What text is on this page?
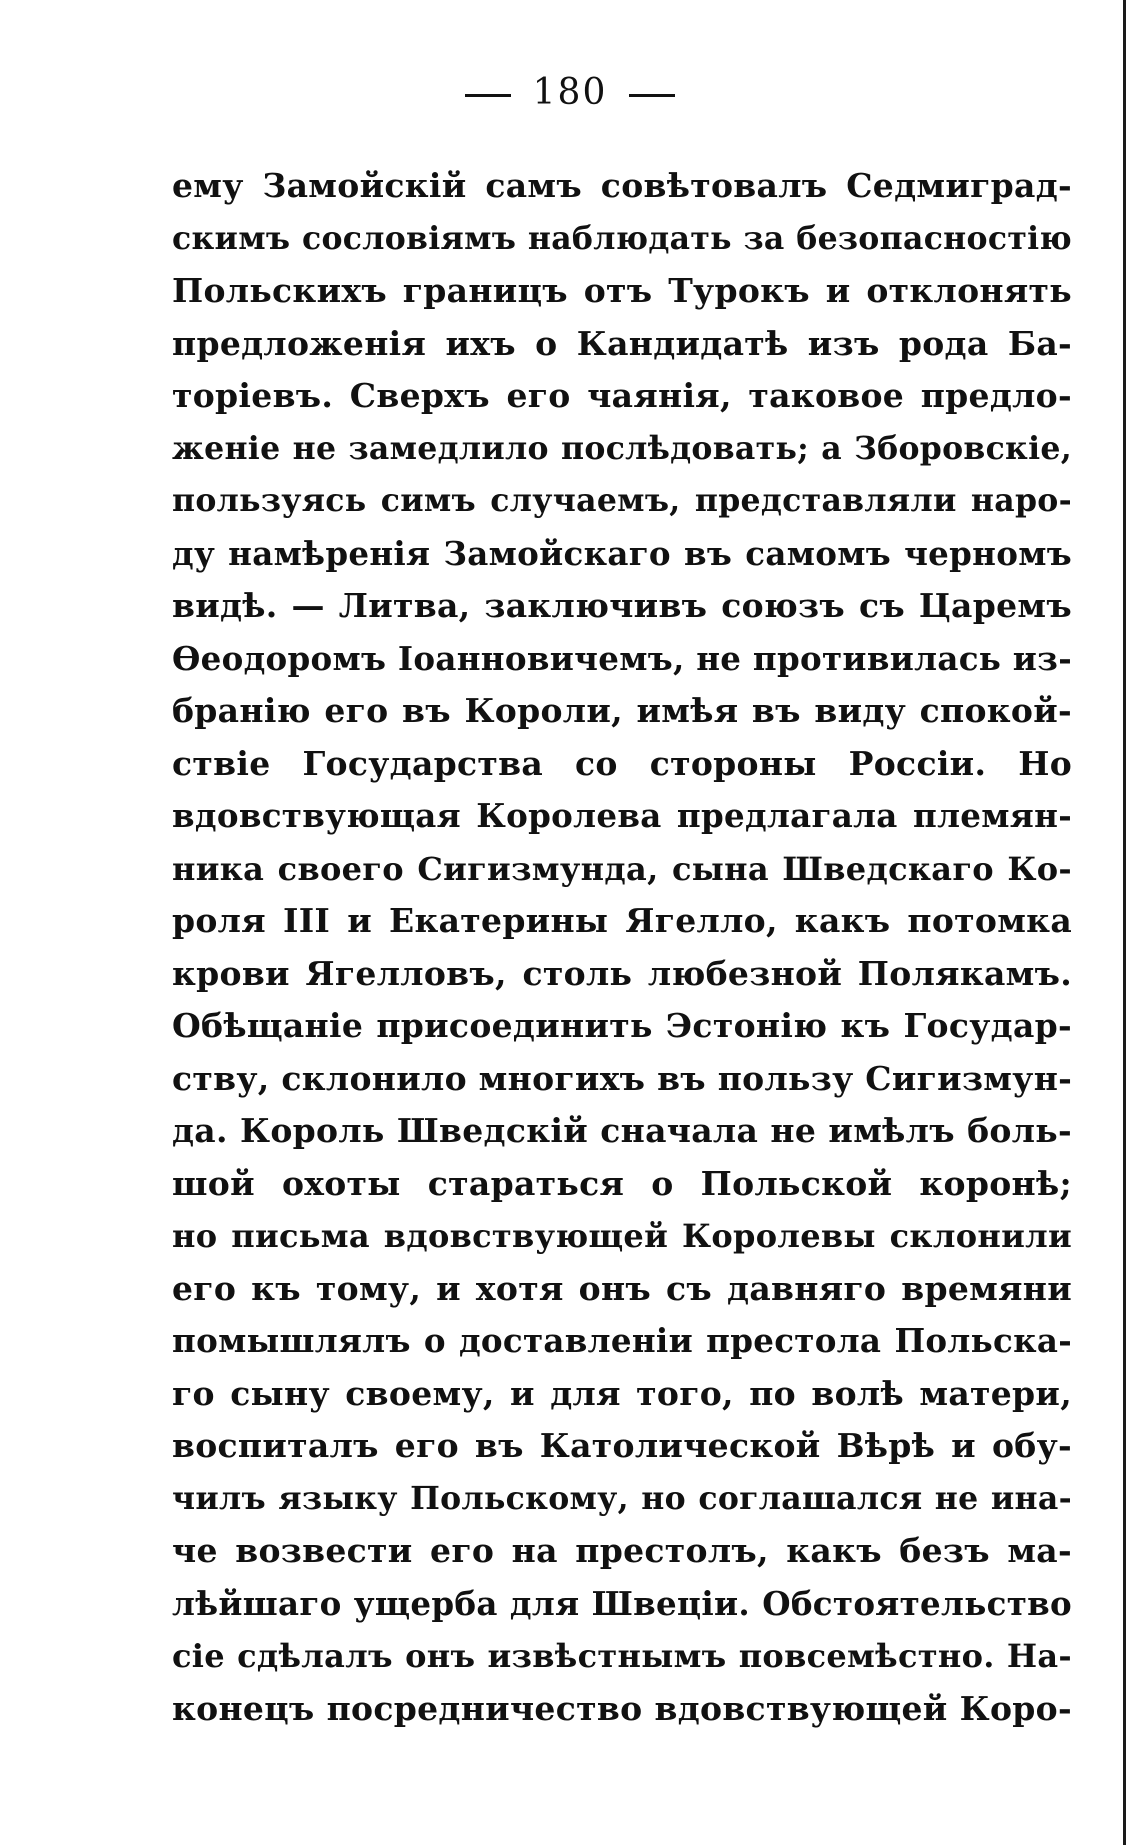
180
ему Замойскій самъ совѣтовалъ Седмиград-
скимъ сословіямъ наблюдать за безопасностію
Польскихъ границъ отъ Турокъ и отклонять
предложенія ихъ о Кандидатѣ изъ рода Ба-
торіевъ. Сверхъ его чаянія, таковое предло-
женіе не замедлило послѣдовать; а Зборовскіе,
пользуясь симъ случаемъ, представляли наро-
ду намѣренія Замойскаго въ самомъ черномъ
видѣ. — Литва, заключивъ союзъ съ Царемъ
Ѳеодоромъ Іоанновичемъ, не противилась из-
бранію его въ Короли, имѣя въ виду спокой-
ствіе Государства со стороны Россіи. Но
вдовствующая Королева предлагала племян-
ника своего Сигизмунда, сына Шведскаго Ко-
роля III и Екатерины Ягелло, какъ потомка
крови Ягелловъ, столь любезной Полякамъ.
Обѣщаніе присоединить Эстонію къ Государ-
ству, склонило многихъ въ пользу Сигизмун-
да. Король Шведскій сначала не имѣлъ боль-
шой охоты стараться о Польской коронѣ;
но письма вдовствующей Королевы склонили
его къ тому, и хотя онъ съ давняго времяни
помышлялъ о доставленіи престола Польска-
го сыну своему, и для того, по волѣ матери,
воспиталъ его въ Католической Вѣрѣ и обу-
чилъ языку Польскому, но соглашался не ина-
че возвести его на престолъ, какъ безъ ма-
лѣйшаго ущерба для Швеціи. Обстоятельство
сіе сдѣлалъ онъ извѣстнымъ повсемѣстно. На-
конецъ посредничество вдовствующей Коро-
